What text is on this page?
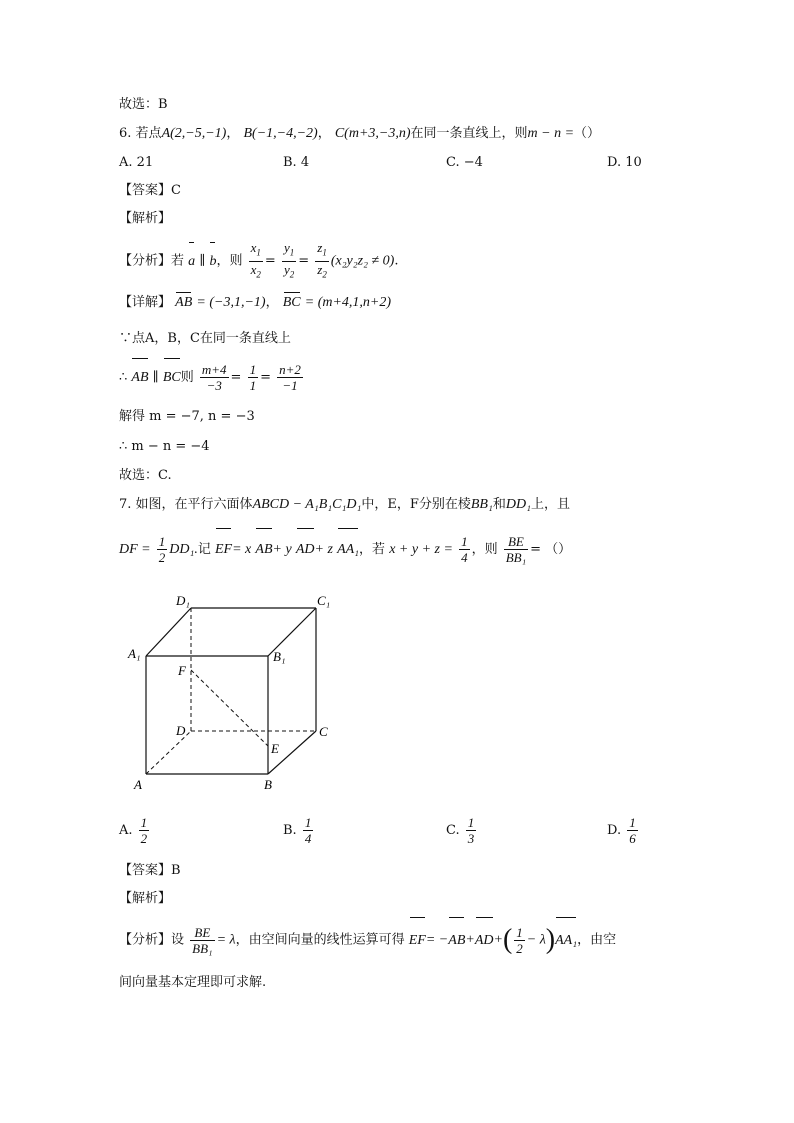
故选：B
6. 若点A(2,−5,−1)， B(−1,−4,−2)， C(m+3,−3,n)在同一条直线上，则m − n =（）
A. 21	B. 4	C. −4	D. 10
【答案】C
【解析】
【分析】若 a ∥ b，则 $\frac{x_1}{x_2} = \frac{y_1}{y_2} = \frac{z_1}{z_2} (x_2y_2z_2 \ne 0)$.
【详解】 AB = (−3,1,−1)， BC = (m+4,1,n+2)
∵点A，B，C在同一条直线上
∴ AB ∥ BC则 $\frac{m+4}{-3} = \frac{1}{1} = \frac{n+2}{-1}$
解得 m = −7, n = −3
∴ m − n = −4
故选：C.
7. 如图，在平行六面体ABCD − A₁B₁C₁D₁中，E，F分别在棱BB₁和DD₁上，且
DF = $\frac{1}{2} DD_1$.记 EF= x AB+ y AD+ z AA₁，若 $x + y + z = \frac{1}{4}$ ，则 $\frac{BE}{\text{BB₁}}$ = （）
D₁	C₁
A₁	B₁
F
D	C
E
A	B
A. $\frac{1}{2}$	B. $\frac{1}{4}$	C. $\frac{1}{3}$	D. $\frac{1}{6}$
【答案】B
【解析】
【分析】设 $\frac{BE}{\text{BB₁}} = \lambda$，由空间向量的线性运算可得 $EF= -AB+AD+( \frac{1}{2} - \lambda)AA_1$，由空
间向量基本定理即可求解.
